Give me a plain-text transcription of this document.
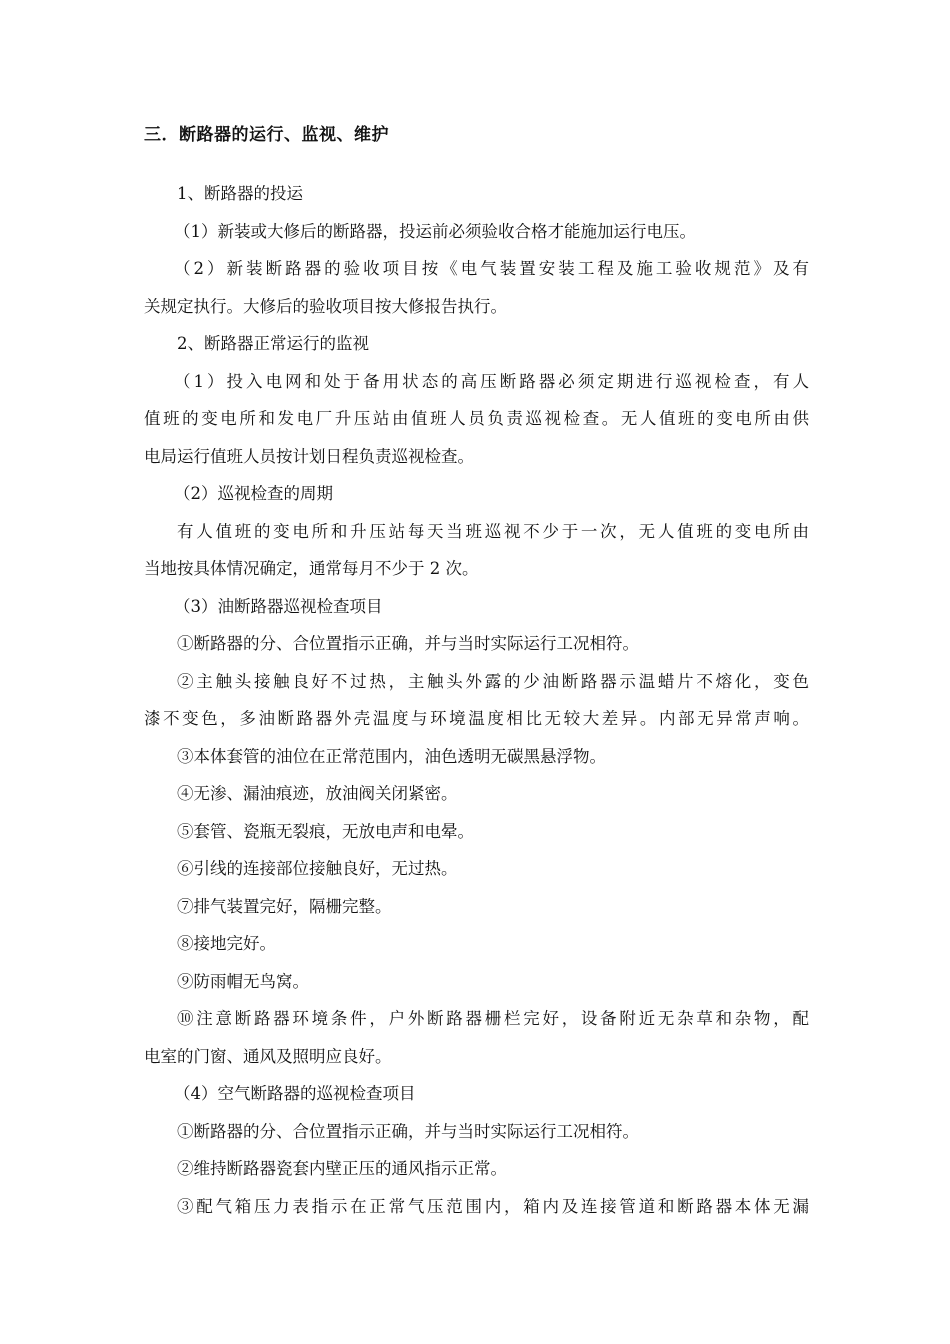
三．断路器的运行、监视、维护
1、断路器的投运
（1）新装或大修后的断路器，投运前必须验收合格才能施加运行电压。
（2）新装断路器的验收项目按《电气装置安装工程及施工验收规范》及有
关规定执行。大修后的验收项目按大修报告执行。
2、断路器正常运行的监视
（1）投入电网和处于备用状态的高压断路器必须定期进行巡视检查，有人
值班的变电所和发电厂升压站由值班人员负责巡视检查。无人值班的变电所由供
电局运行值班人员按计划日程负责巡视检查。
（2）巡视检查的周期
有人值班的变电所和升压站每天当班巡视不少于一次，无人值班的变电所由
当地按具体情况确定，通常每月不少于 2 次。
（3）油断路器巡视检查项目
①断路器的分、合位置指示正确，并与当时实际运行工况相符。
②主触头接触良好不过热，主触头外露的少油断路器示温蜡片不熔化，变色
漆不变色，多油断路器外壳温度与环境温度相比无较大差异。内部无异常声响。
③本体套管的油位在正常范围内，油色透明无碳黑悬浮物。
④无渗、漏油痕迹，放油阀关闭紧密。
⑤套管、瓷瓶无裂痕，无放电声和电晕。
⑥引线的连接部位接触良好，无过热。
⑦排气装置完好，隔栅完整。
⑧接地完好。
⑨防雨帽无鸟窝。
⑩注意断路器环境条件，户外断路器栅栏完好，设备附近无杂草和杂物，配
电室的门窗、通风及照明应良好。
（4）空气断路器的巡视检查项目
①断路器的分、合位置指示正确，并与当时实际运行工况相符。
②维持断路器瓷套内壁正压的通风指示正常。
③配气箱压力表指示在正常气压范围内，箱内及连接管道和断路器本体无漏
